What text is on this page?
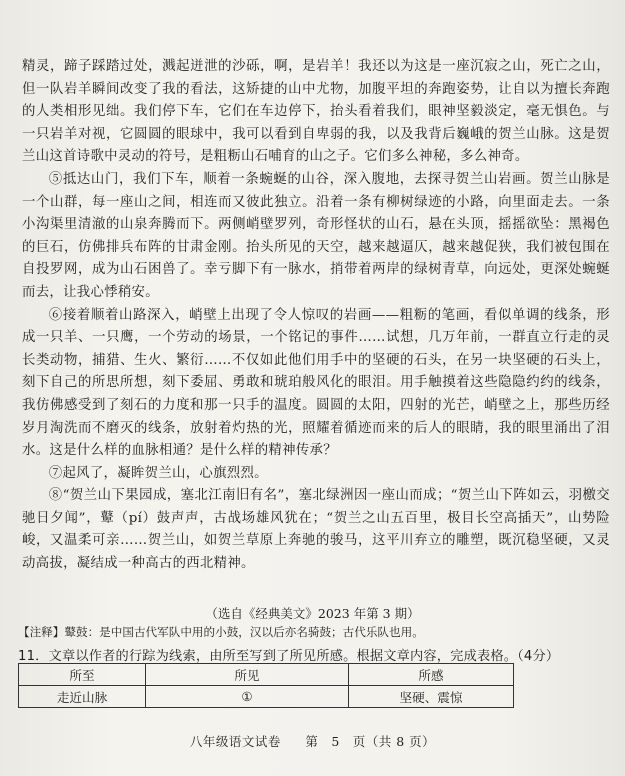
精灵，蹄子踩踏过处，溅起迸泄的沙砾，啊，是岩羊！我还以为这是一座沉寂之山，死亡之山，但一队岩羊瞬间改变了我的看法，这矫捷的山中尤物，加腹平坦的奔跑姿势，让自以为擅长奔跑的人类相形见绌。我们停下车，它们在车边停下，抬头看着我们，眼神坚毅淡定，毫无惧色。与一只岩羊对视，它圆圆的眼球中，我可以看到自卑弱的我，以及我背后巍峨的贺兰山脉。这是贺兰山这首诗歌中灵动的符号，是粗粝山石哺育的山之子。它们多么神秘，多么神奇。

⑤抵达山门，我们下车，顺着一条蜿蜒的山谷，深入腹地，去探寻贺兰山岩画。贺兰山脉是一个山群，每一座山之间，相连而又彼此独立。沿着一条有柳树绿迹的小路，向里面走去。一条小沟渠里清澈的山泉奔腾而下。两侧峭壁罗列，奇形怪状的山石，悬在头顶，摇摇欲坠：黑褐色的巨石，仿佛排兵布阵的甘肃金刚。抬头所见的天空，越来越逼仄，越来越促狭，我们被包围在自投罗网，成为山石困兽了。幸亏脚下有一脉水，捎带着两岸的绿树青草，向远处，更深处蜿蜒而去，让我心悸稍安。

⑥接着顺着山路深入，峭壁上出现了令人惊叹的岩画——粗粝的笔画，看似单调的线条，形成一只羊、一只鹰，一个劳动的场景，一个铭记的事件……试想，几万年前，一群直立行走的灵长类动物，捕猎、生火、繁衍……不仅如此他们用手中的坚硬的石头，在另一块坚硬的石头上，刻下自己的所思所想，刻下委屈、勇敢和琥珀般风化的眼泪。用手触摸着这些隐隐约约的线条，我仿佛感受到了刻石的力度和那一只手的温度。圆圆的太阳，四射的光芒，峭壁之上，那些历经岁月淘洗而不磨灭的线条，放射着灼热的光，照耀着循迹而来的后人的眼睛，我的眼里涌出了泪水。这是什么样的血脉相通？是什么样的精神传承？

⑦起风了，凝眸贺兰山，心旗烈烈。

⑧“贺兰山下果园成，塞北江南旧有名”，塞北绿洲因一座山而成；“贺兰山下阵如云，羽檄交驰日夕闻”，鼙（pí）鼓声声，古战场雄风犹在；“贺兰之山五百里，极目长空高插天”，山势险峻，又温柔可亲……贺兰山，如贺兰草原上奔驰的骏马，这平川弃立的雕塑，既沉稳坚硬，又灵动高拔，凝结成一种高古的西北精神。

（选自《经典美文》2023 年第 3 期）
【注释】鼙鼓：是中国古代军队中用的小鼓，汉以后亦名骑鼓；古代乐队也用。
11．文章以作者的行踪为线索，由所至写到了所见所感。根据文章内容，完成表格。（4分）
所至	所见	所感
走近山脉	①	坚硬、震惊
八年级语文试卷 第　5　页（共 8 页）
